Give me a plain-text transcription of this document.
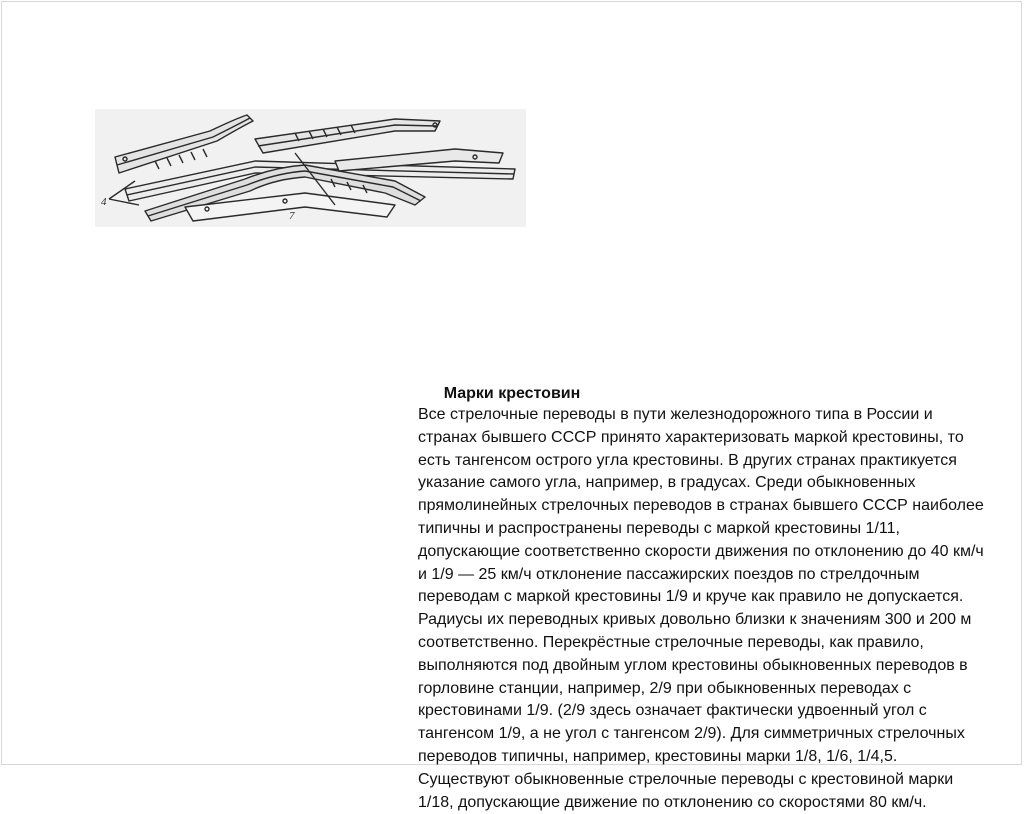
4
7
Марки крестовин

Все стрелочные переводы в пути железнодорожного типа в России и странах бывшего СССР принято характеризовать маркой крестовины, то есть тангенсом острого угла крестовины. В других странах практикуется указание самого угла, например, в градусах. Среди обыкновенных прямолинейных стрелочных переводов в странах бывшего СССР наиболее типичны и распространены переводы с маркой крестовины 1/11, допускающие соответственно скорости движения по отклонению до 40 км/ч и 1/9 — 25 км/ч отклонение пассажирских поездов по стрелдочным переводам с маркой крестовины 1/9 и круче как правило не допускается. Радиусы их переводных кривых довольно близки к значениям 300 и 200 м соответственно. Перекрёстные стрелочные переводы, как правило, выполняются под двойным углом крестовины обыкновенных переводов в горловине станции, например, 2/9 при обыкновенных переводах с крестовинами 1/9. (2/9 здесь означает фактически удвоенный угол с тангенсом 1/9, а не угол с тангенсом 2/9). Для симметричных стрелочных переводов типичны, например, крестовины марки 1/8, 1/6, 1/4,5.

Существуют обыкновенные стрелочные переводы с крестовиной марки 1/18, допускающие движение по отклонению со скоростями 80 км/ч.
